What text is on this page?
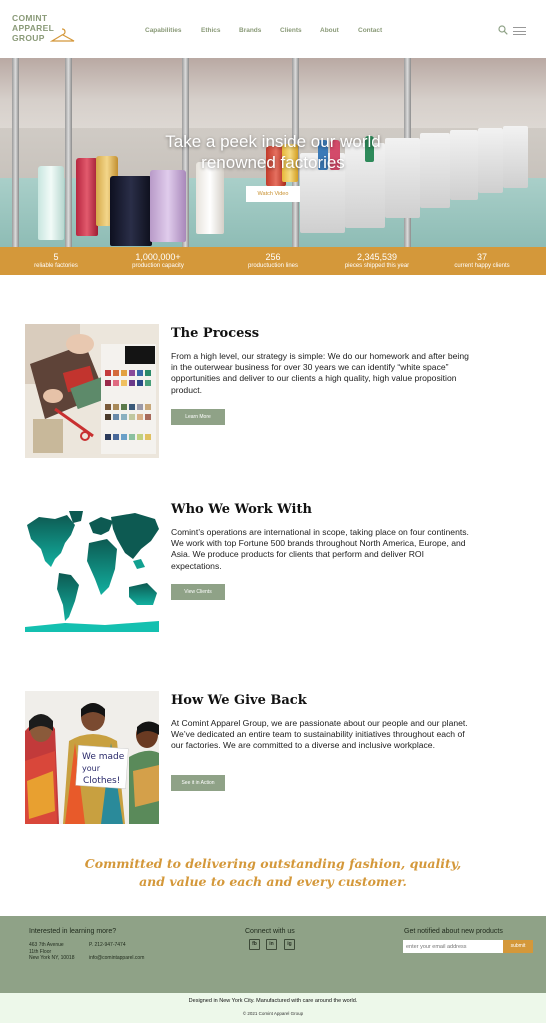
COMINT
APPAREL
GROUP
Capabilities	Ethics	Brands	Clients	About	Contact
Take a peek inside our world
renowned factories
Watch Video
5
reliable factories
1,000,000+
production capacity
256
productuction lines
2,345,539
pieces shipped this year
37
current happy clients
The Process
From a high level, our strategy is simple: We do our homework and after being in the outerwear business for over 30 years we can identify “white space” opportunities and deliver to our clients a high quality, high value proposition product.
Learn More
Who We Work With
Comint’s operations are international in scope, taking place on four continents. We work with top Fortune 500 brands throughout North America, Europe, and Asia. We produce products for clients that perform and deliver ROI expectations.
View Clients
We made
your
Clothes!
How We Give Back
At Comint Apparel Group, we are passionate about our people and our planet. We’ve dedicated an entire team to sustainability initiatives throughout each of our factories. We are committed to a diverse and inclusive workplace.
See it in Action
Committed to delivering outstanding fashion, quality,
and value to each and every customer.
Interested in learning more?
463 7th Avenue
11th Floor
New York NY, 10018
P. 212-947-7474
info@comintapparel.com
Connect with us
fb	in	ig
Get notified about new products
enter your email address
submit
Designed in New York City. Manufactured with care around the world.
© 2021 Comint Apparel Group
